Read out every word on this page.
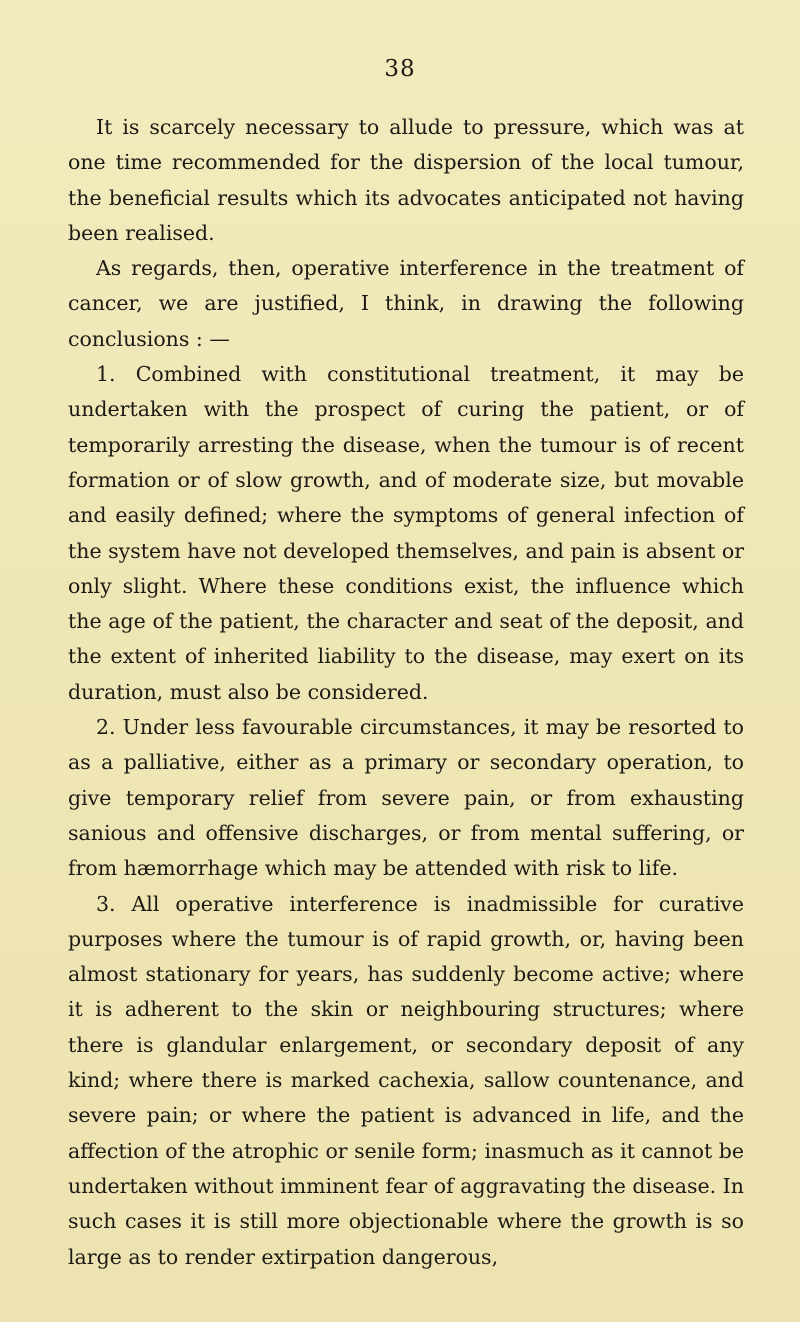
38

It is scarcely necessary to allude to pressure, which was at one time recommended for the dispersion of the local tumour, the beneficial results which its advocates anticipated not having been realised.

As regards, then, operative interference in the treatment of cancer, we are justified, I think, in drawing the following conclusions : —

1. Combined with constitutional treatment, it may be undertaken with the prospect of curing the patient, or of temporarily arresting the disease, when the tumour is of recent formation or of slow growth, and of moderate size, but movable and easily defined; where the symptoms of general infection of the system have not developed themselves, and pain is absent or only slight. Where these conditions exist, the influence which the age of the patient, the character and seat of the deposit, and the extent of inherited liability to the disease, may exert on its duration, must also be considered.

2. Under less favourable circumstances, it may be resorted to as a palliative, either as a primary or secondary operation, to give temporary relief from severe pain, or from exhausting sanious and offensive discharges, or from mental suffering, or from hæmorrhage which may be attended with risk to life.

3. All operative interference is inadmissible for curative purposes where the tumour is of rapid growth, or, having been almost stationary for years, has suddenly become active; where it is adherent to the skin or neighbouring structures; where there is glandular enlargement, or secondary deposit of any kind; where there is marked cachexia, sallow countenance, and severe pain; or where the patient is advanced in life, and the affection of the atrophic or senile form; inasmuch as it cannot be undertaken without imminent fear of aggravating the disease. In such cases it is still more objectionable where the growth is so large as to render extirpation dangerous,
